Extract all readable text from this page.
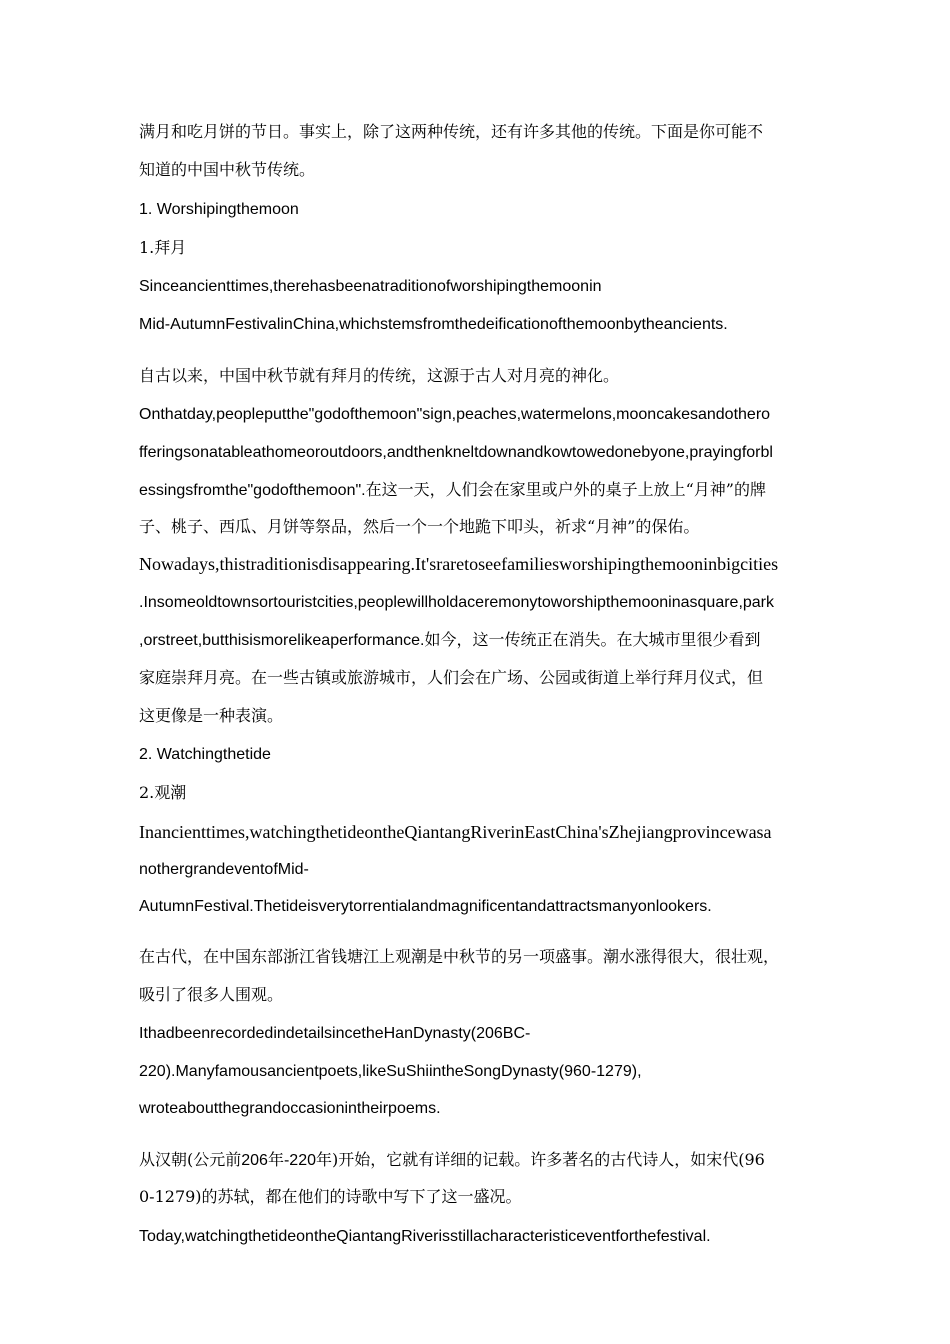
满月和吃月饼的节日。事实上，除了这两种传统，还有许多其他的传统。下面是你可能不
知道的中国中秋节传统。
1. Worshipingthemoon
1.拜月
Sinceancienttimes,therehasbeenatraditionofworshipingthemoonin
Mid-AutumnFestivalinChina,whichstemsfromthedeificationofthemoonbytheancients.
自古以来，中国中秋节就有拜月的传统，这源于古人对月亮的神化。
Onthatday,peopleputthe"godofthemoon"sign,peaches,watermelons,mooncakesandothero
fferingsonatableathomeoroutdoors,andthenkneltdownandkowtowedonebyone,prayingforbl
essingsfromthe"godofthemoon".在这一天，人们会在家里或户外的桌子上放上“月神”的牌
子、桃子、西瓜、月饼等祭品，然后一个一个地跪下叩头，祈求“月神”的保佑。
Nowadays,thistraditionisdisappearing.It'sraretoseefamiliesworshipingthemooninbigcities
.Insomeoldtownsortouristcities,peoplewillholdaceremonytoworshipthemooninasquare,park
,orstreet,butthisismorelikeaperformance.如今，这一传统正在消失。在大城市里很少看到
家庭崇拜月亮。在一些古镇或旅游城市，人们会在广场、公园或街道上举行拜月仪式，但
这更像是一种表演。
2. Watchingthetide
2.观潮
Inancienttimes,watchingthetideontheQiantangRiverinEastChina'sZhejiangprovincewasa
nothergrandeventofMid-
AutumnFestival.Thetideisverytorrentialandmagnificentandattractsmanyonlookers.
在古代，在中国东部浙江省钱塘江上观潮是中秋节的另一项盛事。潮水涨得很大，很壮观，
吸引了很多人围观。
IthadbeenrecordedindetailsincetheHanDynasty(206BC-
220).Manyfamousancientpoets,likeSuShiintheSongDynasty(960-1279),
wroteaboutthegrandoccasionintheirpoems.
从汉朝(公元前206年-220年)开始，它就有详细的记载。许多著名的古代诗人，如宋代(96
0-1279)的苏轼，都在他们的诗歌中写下了这一盛况。
Today,watchingthetideontheQiantangRiverisstillacharacteristiceventforthefestival.
